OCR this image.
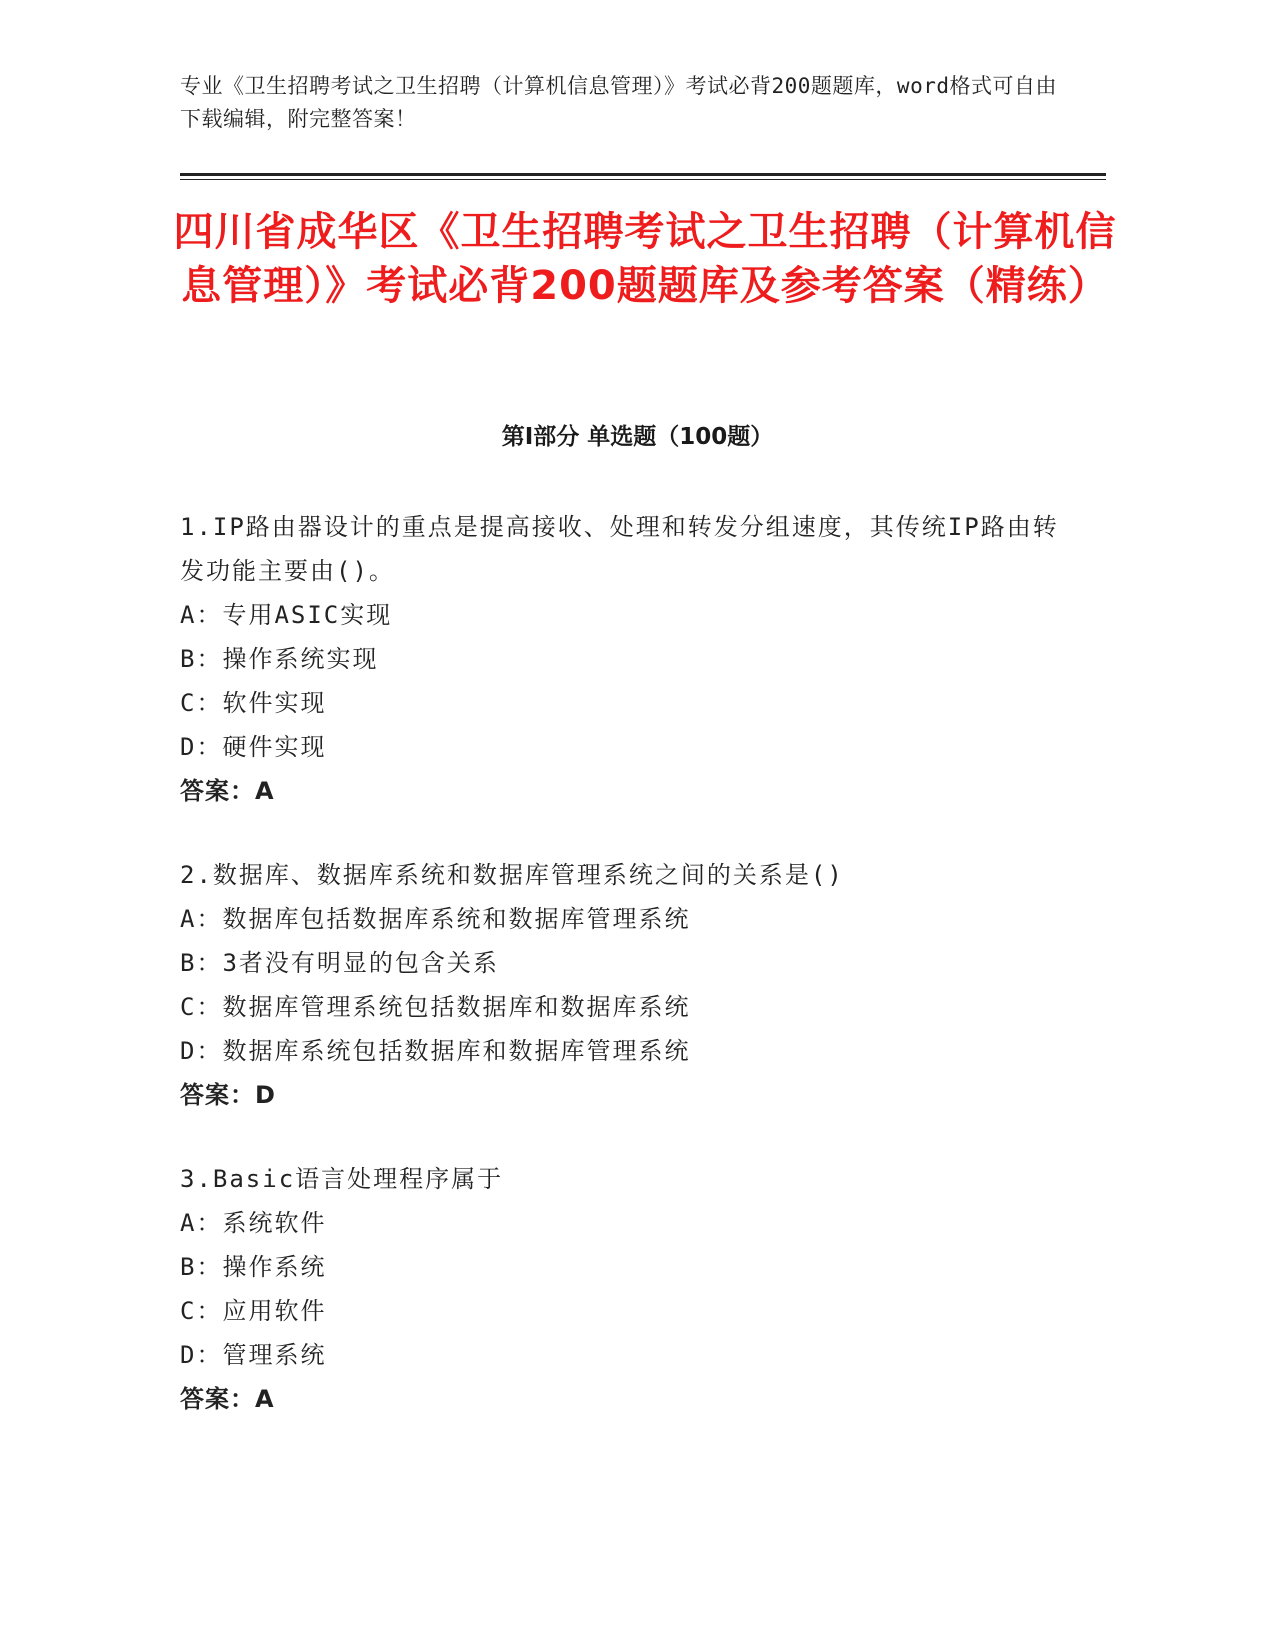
专业《卫生招聘考试之卫生招聘（计算机信息管理）》考试必背200题题库，word格式可自由下载编辑，附完整答案！
四川省成华区《卫生招聘考试之卫生招聘（计算机信息管理）》考试必背200题题库及参考答案（精练）
第Ⅰ部分 单选题（100题）
1.IP路由器设计的重点是提高接收、处理和转发分组速度，其传统IP路由转发功能主要由()。
A：专用ASIC实现
B：操作系统实现
C：软件实现
D：硬件实现
答案：A
2.数据库、数据库系统和数据库管理系统之间的关系是()
A：数据库包括数据库系统和数据库管理系统
B：3者没有明显的包含关系
C：数据库管理系统包括数据库和数据库系统
D：数据库系统包括数据库和数据库管理系统
答案：D
3.Basic语言处理程序属于
A：系统软件
B：操作系统
C：应用软件
D：管理系统
答案：A
